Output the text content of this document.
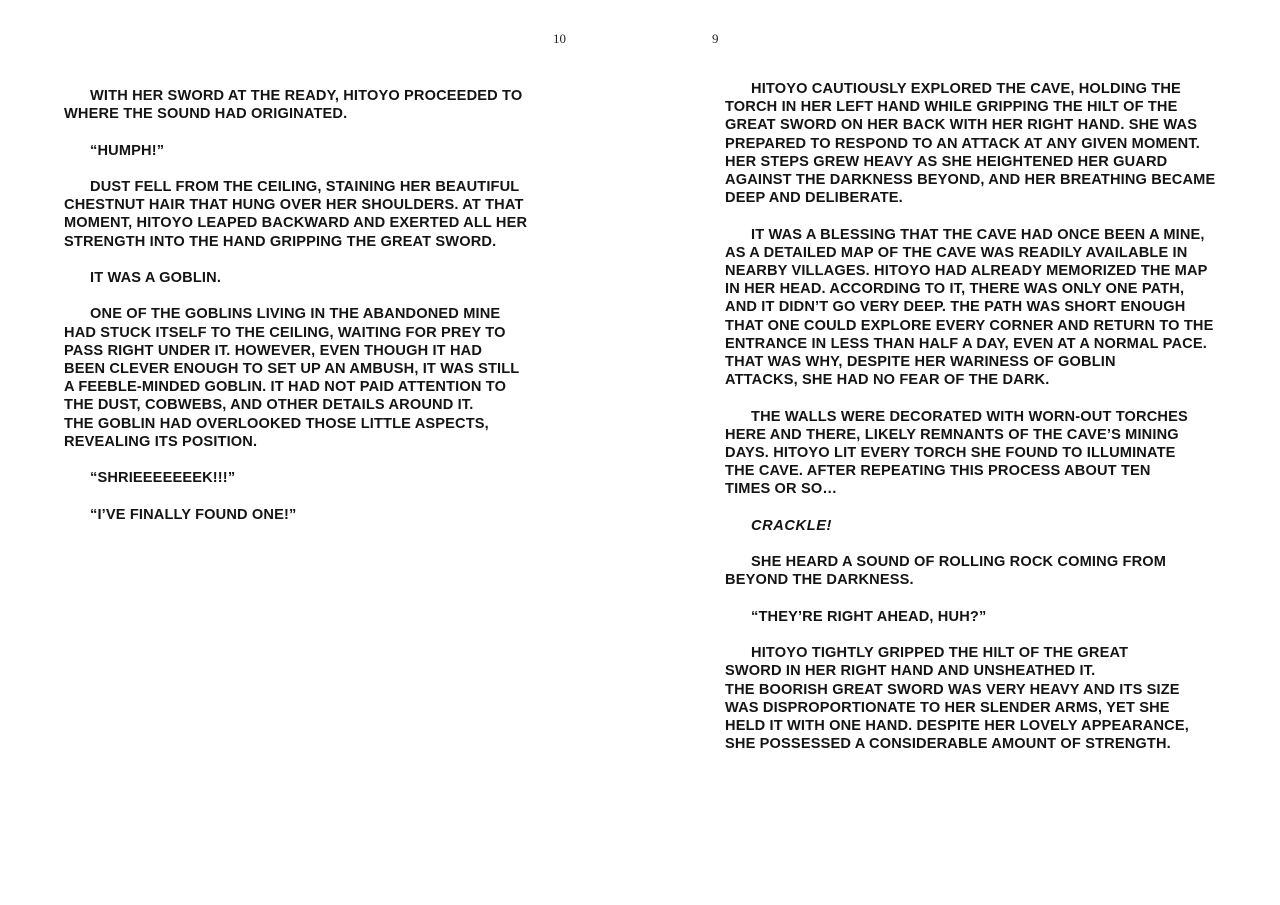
10

WITH HER SWORD AT THE READY, HITOYO PROCEEDED TO
WHERE THE SOUND HAD ORIGINATED.

“HUMPH!”

DUST FELL FROM THE CEILING, STAINING HER BEAUTIFUL
CHESTNUT HAIR THAT HUNG OVER HER SHOULDERS. AT THAT
MOMENT, HITOYO LEAPED BACKWARD AND EXERTED ALL HER
STRENGTH INTO THE HAND GRIPPING THE GREAT SWORD.

IT WAS A GOBLIN.

ONE OF THE GOBLINS LIVING IN THE ABANDONED MINE
HAD STUCK ITSELF TO THE CEILING, WAITING FOR PREY TO
PASS RIGHT UNDER IT. HOWEVER, EVEN THOUGH IT HAD
BEEN CLEVER ENOUGH TO SET UP AN AMBUSH, IT WAS STILL
A FEEBLE-MINDED GOBLIN. IT HAD NOT PAID ATTENTION TO
THE DUST, COBWEBS, AND OTHER DETAILS AROUND IT.
THE GOBLIN HAD OVERLOOKED THOSE LITTLE ASPECTS,
REVEALING ITS POSITION.

“SHRIEEEEEEEK!!!”

“I’VE FINALLY FOUND ONE!”

9

HITOYO CAUTIOUSLY EXPLORED THE CAVE, HOLDING THE
TORCH IN HER LEFT HAND WHILE GRIPPING THE HILT OF THE
GREAT SWORD ON HER BACK WITH HER RIGHT HAND. SHE WAS
PREPARED TO RESPOND TO AN ATTACK AT ANY GIVEN MOMENT.
HER STEPS GREW HEAVY AS SHE HEIGHTENED HER GUARD
AGAINST THE DARKNESS BEYOND, AND HER BREATHING BECAME
DEEP AND DELIBERATE.

IT WAS A BLESSING THAT THE CAVE HAD ONCE BEEN A MINE,
AS A DETAILED MAP OF THE CAVE WAS READILY AVAILABLE IN
NEARBY VILLAGES. HITOYO HAD ALREADY MEMORIZED THE MAP
IN HER HEAD. ACCORDING TO IT, THERE WAS ONLY ONE PATH,
AND IT DIDN’T GO VERY DEEP. THE PATH WAS SHORT ENOUGH
THAT ONE COULD EXPLORE EVERY CORNER AND RETURN TO THE
ENTRANCE IN LESS THAN HALF A DAY, EVEN AT A NORMAL PACE.
THAT WAS WHY, DESPITE HER WARINESS OF GOBLIN
ATTACKS, SHE HAD NO FEAR OF THE DARK.

THE WALLS WERE DECORATED WITH WORN-OUT TORCHES
HERE AND THERE, LIKELY REMNANTS OF THE CAVE’S MINING
DAYS. HITOYO LIT EVERY TORCH SHE FOUND TO ILLUMINATE
THE CAVE. AFTER REPEATING THIS PROCESS ABOUT TEN
TIMES OR SO…

CRACKLE!

SHE HEARD A SOUND OF ROLLING ROCK COMING FROM
BEYOND THE DARKNESS.

“THEY’RE RIGHT AHEAD, HUH?”

HITOYO TIGHTLY GRIPPED THE HILT OF THE GREAT
SWORD IN HER RIGHT HAND AND UNSHEATHED IT.
THE BOORISH GREAT SWORD WAS VERY HEAVY AND ITS SIZE
WAS DISPROPORTIONATE TO HER SLENDER ARMS, YET SHE
HELD IT WITH ONE HAND. DESPITE HER LOVELY APPEARANCE,
SHE POSSESSED A CONSIDERABLE AMOUNT OF STRENGTH.
